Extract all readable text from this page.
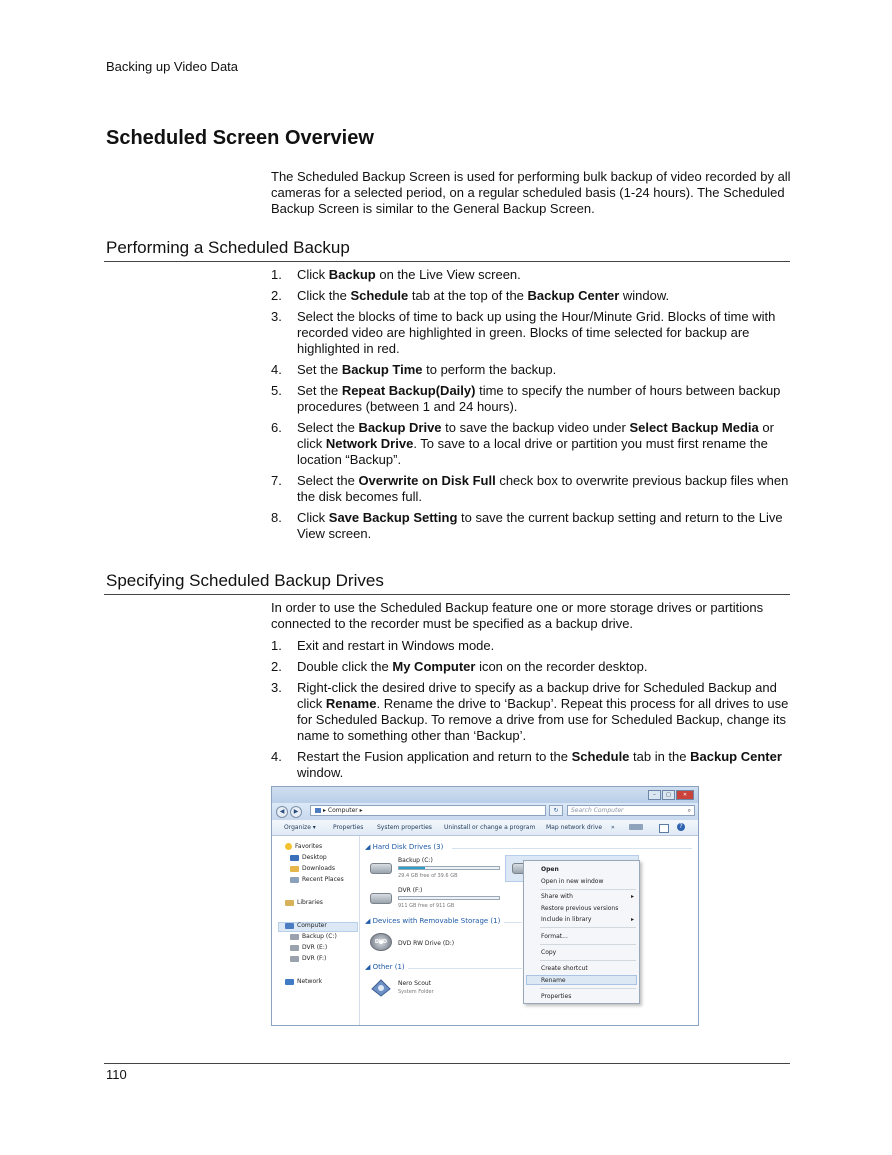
Backing up Video Data
Scheduled Screen Overview

The Scheduled Backup Screen is used for performing bulk backup of video recorded by all cameras for a selected period, on a regular scheduled basis (1-24 hours). The Scheduled Backup Screen is similar to the General Backup Screen.

Performing a Scheduled Backup
1. Click Backup on the Live View screen.
2. Click the Schedule tab at the top of the Backup Center window.
3. Select the blocks of time to back up using the Hour/Minute Grid. Blocks of time with recorded video are highlighted in green. Blocks of time selected for backup are highlighted in red.
4. Set the Backup Time to perform the backup.
5. Set the Repeat Backup(Daily) time to specify the number of hours between backup procedures (between 1 and 24 hours).
6. Select the Backup Drive to save the backup video under Select Backup Media or click Network Drive. To save to a local drive or partition you must first rename the location “Backup”.
7. Select the Overwrite on Disk Full check box to overwrite previous backup files when the disk becomes full.
8. Click Save Backup Setting to save the current backup setting and return to the Live View screen.
Specifying Scheduled Backup Drives

In order to use the Scheduled Backup feature one or more storage drives or partitions connected to the recorder must be specified as a backup drive.

1. Exit and restart in Windows mode.
2. Double click the My Computer icon on the recorder desktop.
3. Right-click the desired drive to specify as a backup drive for Scheduled Backup and click Rename. Rename the drive to ‘Backup’. Repeat this process for all drives to use for Scheduled Backup. To remove a drive from use for Scheduled Backup, change its name to something other than ‘Backup’.
4. Restart the Fusion application and return to the Schedule tab in the Backup Center window.
–	□	✕
◀	▶	▸ Computer ▸	↻	Search Computer	⌕
Organize ▾	Properties System properties Uninstall or change a program Map network drive »	?
Favorites
Desktop
Downloads
Recent Places
Libraries
Computer
Backup (C:)
DVR (E:)
DVR (F:)
Network
◢ Hard Disk Drives (3)
Backup (C:)
29.4 GB free of 39.6 GB
DVR (F:)
911 GB free of 911 GB
◢ Devices with Removable Storage (1)
DVD	DVD RW Drive (D:)
◢ Other (1)
Nero Scout
System Folder
Open
Open in new window
Share with	▸
Restore previous versions
Include in library	▸
Format...
Copy
Create shortcut
Rename
Properties
110
